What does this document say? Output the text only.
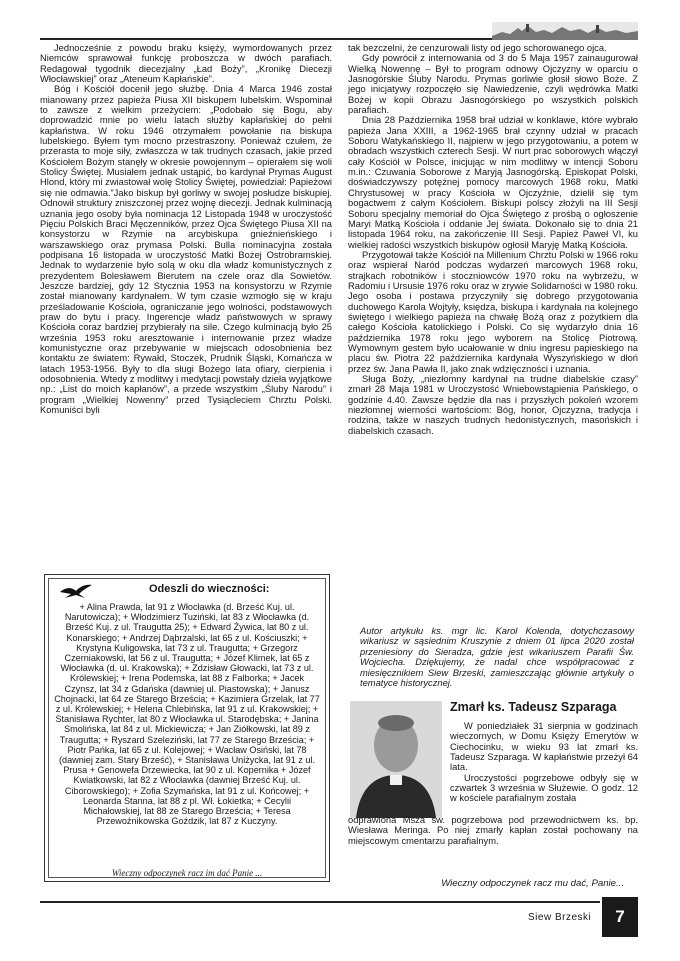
Jednocześnie z powodu braku księży, wymordowanych przez Niemców sprawował funkcję proboszcza w dwóch parafiach. Redagował tygodnik diecezjalny „Ład Boży”, „Kronikę Diecezji Włocławskiej” oraz „Ateneum Kapłańskie”.

Bóg i Kościół docenił jego służbę. Dnia 4 Marca 1946 został mianowany przez papieża Piusa XII biskupem lubelskim. Wspominał to zawsze z wielkim przeżyciem: „Podobało się Bogu, aby doprowadzić mnie po wielu latach służby kapłańskiej do pełni kapłaństwa. W roku 1946 otrzymałem powołanie na biskupa lubelskiego. Byłem tym mocno przestraszony. Ponieważ czułem, że przerasta to moje siły, zwłaszcza w tak trudnych czasach, jakie przed Kościołem Bożym stanęły w okresie powojennym – opierałem się woli Stolicy Świętej. Musiałem jednak ustąpić, bo kardynał Prymas August Hlond, który mi zwiastował wolę Stolicy Świętej, powiedział: Papieżowi się nie odmawia.”Jako biskup był gorliwy w swojej posłudze biskupiej. Odnowił struktury zniszczonej przez wojnę diecezji. Jednak kulminacją uznania jego osoby była nominacja 12 Listopada 1948 w uroczystość Pięciu Polskich Braci Męczenników, przez Ojca Świętego Piusa XII na konsystorzu w Rzymie na arcybiskupa gnieźnieńskiego i warszawskiego oraz prymasa Polski. Bulla nominacyjna została podpisana 16 listopada w uroczystość Matki Bożej Ostrobramskiej. Jednak to wydarzenie było solą w oku dla władz komunistycznych z prezydentem Bolesławem Bierutem na czele oraz dla Sowietów. Jeszcze bardziej, gdy 12 Stycznia 1953 na konsystorzu w Rzymie został mianowany kardynałem. W tym czasie wzmogło się w kraju prześladowanie Kościoła, ograniczanie jego wolności, podstawowych praw do bytu i pracy. Ingerencje władz państwowych w sprawy Kościoła coraz bardziej przybierały na sile. Czego kulminacją było 25 września 1953 roku aresztowanie i internowanie przez władze komunistyczne oraz przebywanie w miejscach odosobnienia bez kontaktu ze światem: Rywałd, Stoczek, Prudnik Śląski, Komańcza w latach 1953-1956. Były to dla sługi Bożego lata ofiary, cierpienia i odosobnienia. Wtedy z modlitwy i medytacji powstały dzieła wyjątkowe np.: „List do moich kapłanów”, a przede wszystkim „Śluby Narodu” i program „Wielkiej Nowenny” przed Tysiącleciem Chrztu Polski. Komuniści byli

Odeszli do wieczności:
+ Alina Prawda, lat 91 z Włocławka (d. Brześć Kuj. ul. Narutowicza); + Włodzimierz Tuziński, lat 83 z Włocławka (d. Brześć Kuj. z ul. Traugutta 25); + Edward Żywica, lat 80 z ul. Konarskiego; + Andrzej Dąbrzalski, lat 65 z ul. Kościuszki; + Krystyna Kuligowska, lat 73 z ul. Traugutta; + Grzegorz Czerniakowski, lat 56 z ul. Traugutta; + Józef Klimek, lat 65 z Włocławka (d. ul. Krakowska); + Zdzisław Głowacki, lat 73 z ul. Królewskiej; + Irena Podemska, lat 88 z Falborka; + Jacek Czynsz, lat 34 z Gdańska (dawniej ul. Piastowska); + Janusz Chojnacki, lat 64 ze Starego Brześcia; + Kazimiera Grzelak, lat 77 z ul. Królewskiej; + Helena Chlebińska, lat 91 z ul. Krakowskiej; + Stanisława Rychter, lat 80 z Włocławka ul. Starodębska; + Janina Smolińska, lat 84 z ul. Mickiewicza; + Jan Ziółkowski, lat 89 z Traugutta; + Ryszard Szeleziński, lat 77 ze Starego Brześcia; + Piotr Pańka, lat 65 z ul. Kolejowej; + Wacław Osiński, lat 78 (dawniej zam. Stary Brześć), + Stanisława Uniżycka, lat 91 z ul. Prusa + Genowefa Drzewiecka, lat 90 z ul. Kopernika + Józef Kwiatkowski, lat 82 z Włocławka (dawniej Brześć Kuj. ul. Ciborowskiego); + Zofia Szymańska, lat 91 z ul. Końcowej; + Leonarda Stanna, lat 88 z pl. Wł. Łokietka; + Cecylii Michałowskiej, lat 88 ze Starego Brześcia; + Teresa Przewoźnikowska Goździk, lat 87 z Kuczyny.
Wieczny odpoczynek racz im dać Panie ...

tak bezczelni, że cenzurowali listy od jego schorowanego ojca.

Gdy powrócił z internowania od 3 do 5 Maja 1957 zainaugurował Wielką Nowennę – Był to program odnowy Ojczyzny w oparciu o Jasnogórskie Śluby Narodu. Prymas gorliwie głosił słowo Boże. Z jego inicjatywy rozpoczęło się Nawiedzenie, czyli wędrówka Matki Bożej w kopii Obrazu Jasnogórskiego po wszystkich polskich parafiach.

Dnia 28 Października 1958 brał udział w konklawe, które wybrało papieża Jana XXIII, a 1962-1965 brał czynny udział w pracach Soboru Watykańskiego II, najpierw w jego przygotowaniu, a potem w obradach wszystkich czterech Sesji. W nurt prac soborowych włączył cały Kościół w Polsce, inicjując w nim modlitwy w intencji Soboru m.in.: Czuwania Soborowe z Maryją Jasnogórską. Episkopat Polski, doświadczywszy potężnej pomocy marcowych 1968 roku, Matki Chrystusowej w pracy Kościoła w Ojczyźnie, dzielił się tym bogactwem z całym Kościołem. Biskupi polscy złożyli na III Sesji Soboru specjalny memoriał do Ojca Świętego z prośbą o ogłoszenie Maryi Matką Kościoła i oddanie Jej świata. Dokonało się to dnia 21 listopada 1964 roku, na zakończenie III Sesji. Papież Paweł VI, ku wielkiej radości wszystkich biskupów ogłosił Maryję Matką Kościoła.

Przygotował także Kościół na Millenium Chrztu Polski w 1966 roku oraz wspierał Naród podczas wydarzeń marcowych 1968 roku, strajkach robotników i stoczniowców 1970 roku na wybrzeżu, w Radomiu i Ursusie 1976 roku oraz w zrywie Solidarności w 1980 roku. Jego osoba i postawa przyczyniły się dobrego przygotowania duchowego Karola Wojtyły, księdza, biskupa i kardynała na kolejnego świętego i wielkiego papieża na chwałę Bożą oraz z pożytkiem dla całego Kościoła katolickiego i Polski. Co się wydarzyło dnia 16 października 1978 roku jego wyborem na Stolicę Piotrową. Wymownym gestem było ucałowanie w dniu ingresu papieskiego na placu św. Piotra 22 października kardynała Wyszyńskiego w dłoń przez św. Jana Pawła II, jako znak wdzięczności i uznania.

Sługa Boży, „niezłomny kardynał na trudne diabelskie czasy” zmarł 28 Maja 1981 w Uroczystość Wniebowstąpienia Pańskiego, o godzinie 4.40. Zawsze będzie dla nas i przyszłych pokoleń wzorem niezłomnej wierności wartościom: Bóg, honor, Ojczyzna, tradycja i rodzina, także w naszych trudnych hedonistycznych, masońskich i diabelskich czasach.

Autor artykułu ks. mgr lic. Karol Kolenda, dotychczasowy wikariusz w sąsiednim Kruszynie z dniem 01 lipca 2020 został przeniesiony do Sieradza, gdzie jest wikariuszem Parafii Św. Wojciecha. Dziękujemy, że nadal chce współpracować z miesięcznikiem Siew Brzeski, zamieszczając głównie artykuły o tematyce historycznej.
Zmarł ks. Tadeusz Szparaga

W poniedziałek 31 sierpnia w godzinach wieczornych, w Domu Księży Emerytów w Ciechocinku, w wieku 93 lat zmarł ks. Tadeusz Szparaga. W kapłaństwie przeżył 64 lata.

Uroczystości pogrzebowe odbyły się w czwartek 3 września w Służewie. O godz. 12 w kościele parafialnym została

odprawiona Msza św. pogrzebowa pod przewodnictwem ks. bp. Wiesława Meringa. Po niej zmarły kapłan został pochowany na miejscowym cmentarzu parafialnym.

Wieczny odpoczynek racz mu dać, Panie...
Siew Brzeski	7
